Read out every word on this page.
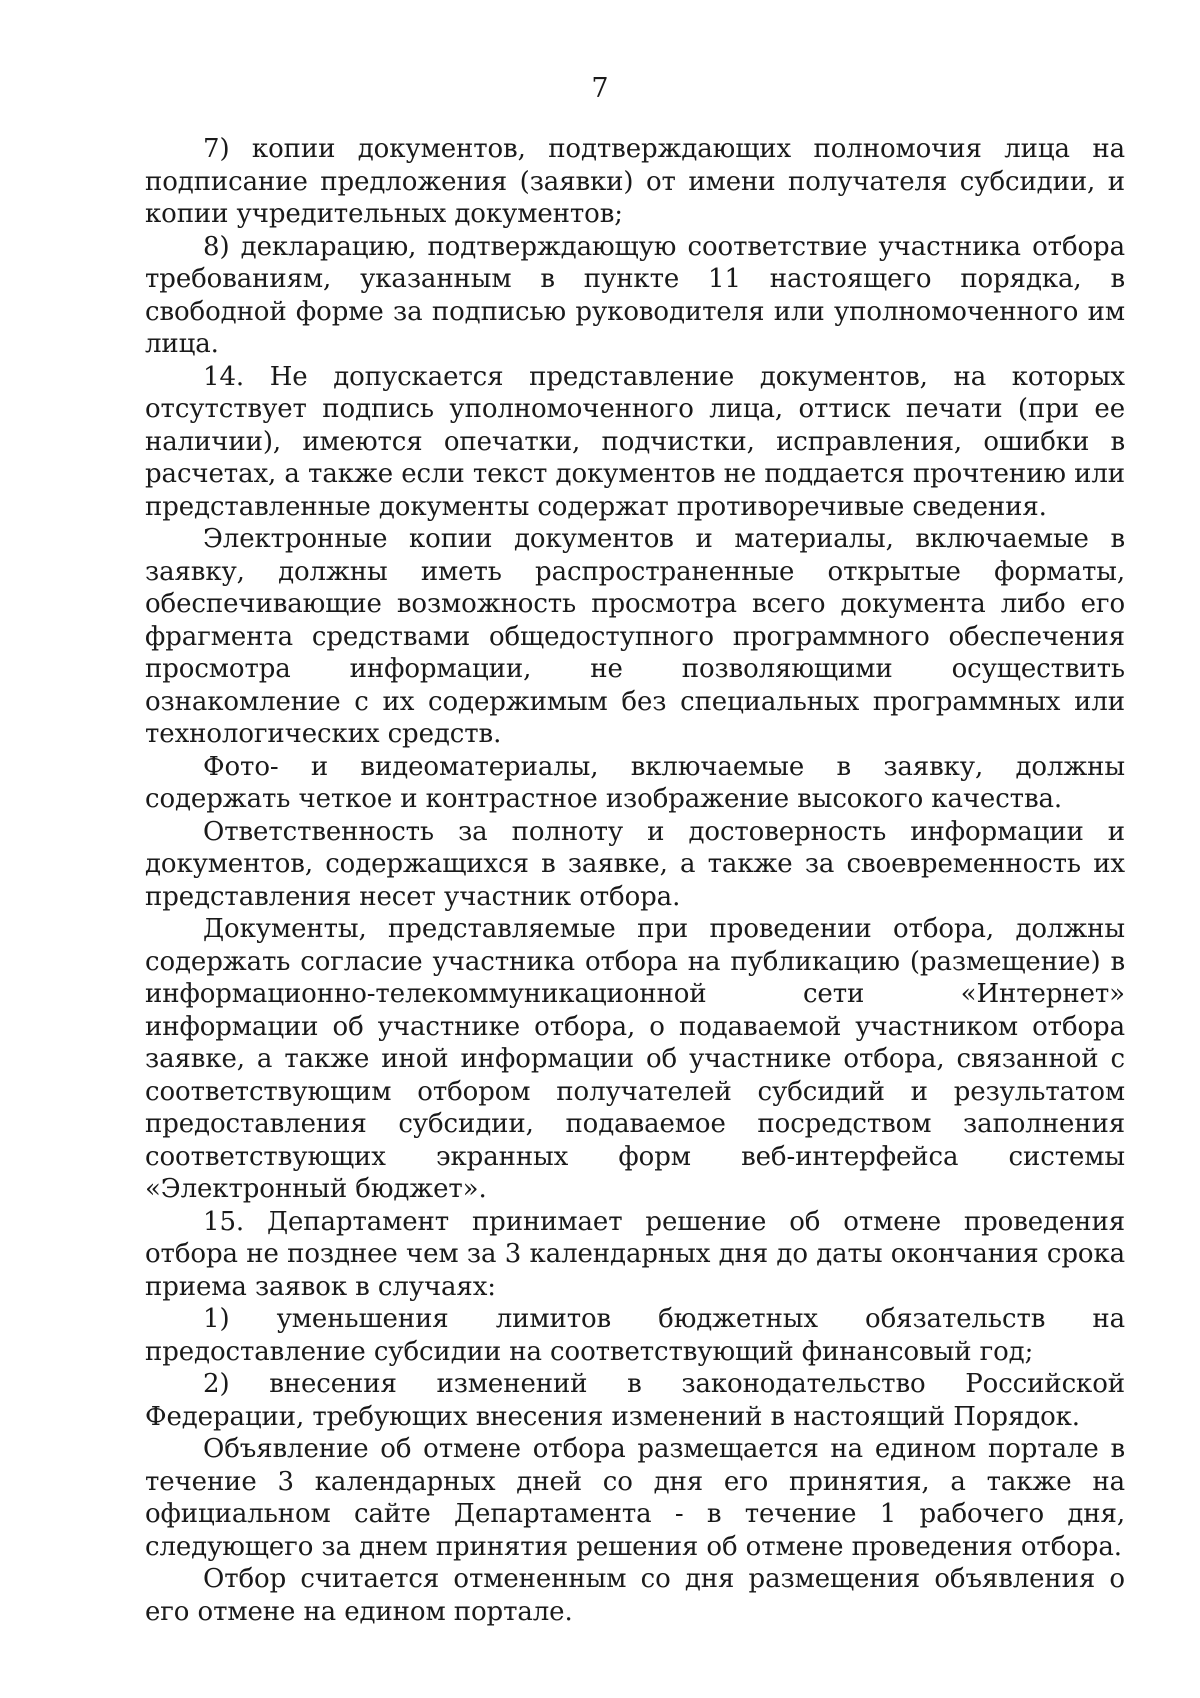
7

7) копии документов, подтверждающих полномочия лица на подписание предложения (заявки) от имени получателя субсидии, и копии учредительных документов;

8) декларацию, подтверждающую соответствие участника отбора требованиям, указанным в пункте 11 настоящего порядка, в свободной форме за подписью руководителя или уполномоченного им лица.

14. Не допускается представление документов, на которых отсутствует подпись уполномоченного лица, оттиск печати (при ее наличии), имеются опечатки, подчистки, исправления, ошибки в расчетах, а также если текст документов не поддается прочтению или представленные документы содержат противоречивые сведения.

Электронные копии документов и материалы, включаемые в заявку, должны иметь распространенные открытые форматы, обеспечивающие возможность просмотра всего документа либо его фрагмента средствами общедоступного программного обеспечения просмотра информации, не позволяющими осуществить ознакомление с их содержимым без специальных программных или технологических средств.

Фото- и видеоматериалы, включаемые в заявку, должны содержать четкое и контрастное изображение высокого качества.

Ответственность за полноту и достоверность информации и документов, содержащихся в заявке, а также за своевременность их представления несет участник отбора.

Документы, представляемые при проведении отбора, должны содержать согласие участника отбора на публикацию (размещение) в информационно-телекоммуникационной сети «Интернет» информации об участнике отбора, о подаваемой участником отбора заявке, а также иной информации об участнике отбора, связанной с соответствующим отбором получателей субсидий и результатом предоставления субсидии, подаваемое посредством заполнения соответствующих экранных форм веб-интерфейса системы «Электронный бюджет».

15. Департамент принимает решение об отмене проведения отбора не позднее чем за 3 календарных дня до даты окончания срока приема заявок в случаях:

1) уменьшения лимитов бюджетных обязательств на предоставление субсидии на соответствующий финансовый год;

2) внесения изменений в законодательство Российской Федерации, требующих внесения изменений в настоящий Порядок.

Объявление об отмене отбора размещается на едином портале в течение 3 календарных дней со дня его принятия, а также на официальном сайте Департамента - в течение 1 рабочего дня, следующего за днем принятия решения об отмене проведения отбора.

Отбор считается отмененным со дня размещения объявления о его отмене на едином портале.
